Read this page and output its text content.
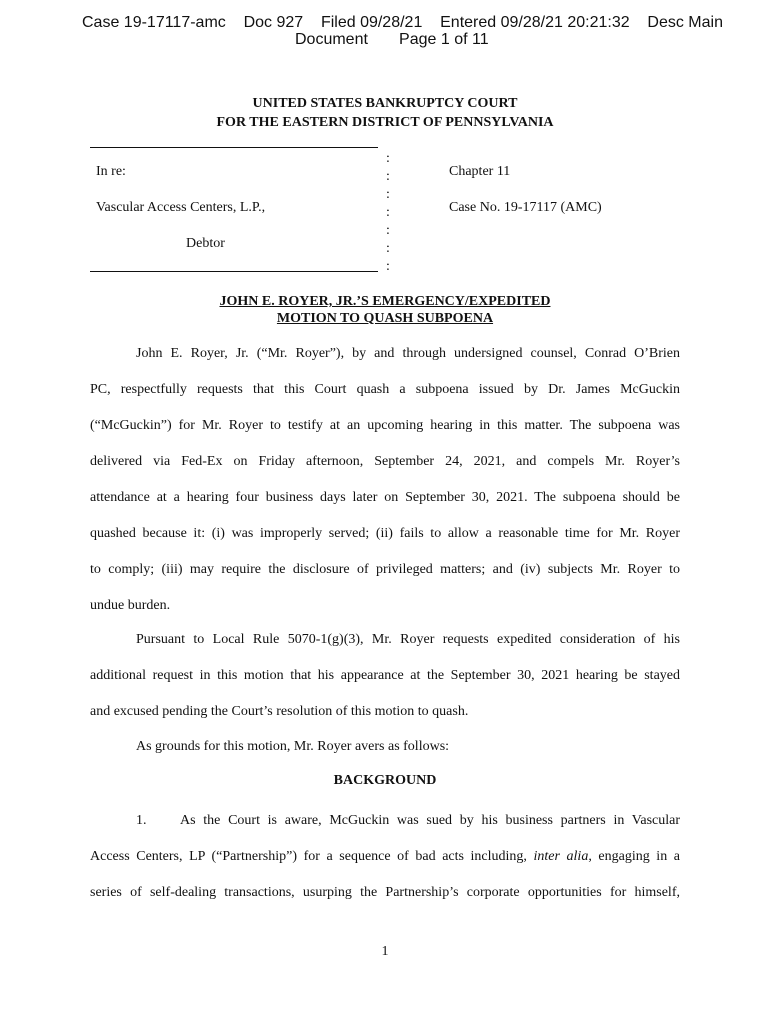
Case 19-17117-amc    Doc 927    Filed 09/28/21    Entered 09/28/21 20:21:32    Desc Main
Document       Page 1 of 11
UNITED STATES BANKRUPTCY COURT
FOR THE EASTERN DISTRICT OF PENNSYLVANIA
:
:
:
:
:
:
:
In re:
Vascular Access Centers, L.P.,
Debtor
Chapter 11
Case No. 19-17117 (AMC)
JOHN E. ROYER, JR.’S EMERGENCY/EXPEDITED
MOTION TO QUASH SUBPOENA
John E. Royer, Jr. (“Mr. Royer”), by and through undersigned counsel, Conrad O’Brien
PC, respectfully requests that this Court quash a subpoena issued by Dr. James McGuckin
(“McGuckin”) for Mr. Royer to testify at an upcoming hearing in this matter. The subpoena was
delivered via Fed-Ex on Friday afternoon, September 24, 2021, and compels Mr. Royer’s
attendance at a hearing four business days later on September 30, 2021. The subpoena should be
quashed because it: (i) was improperly served; (ii) fails to allow a reasonable time for Mr. Royer
to comply; (iii) may require the disclosure of privileged matters; and (iv) subjects Mr. Royer to
undue burden.
Pursuant to Local Rule 5070-1(g)(3), Mr. Royer requests expedited consideration of his
additional request in this motion that his appearance at the September 30, 2021 hearing be stayed
and excused pending the Court’s resolution of this motion to quash.
As grounds for this motion, Mr. Royer avers as follows:
BACKGROUND
1. As the Court is aware, McGuckin was sued by his business partners in Vascular
Access Centers, LP (“Partnership”) for a sequence of bad acts including, inter alia, engaging in a
series of self-dealing transactions, usurping the Partnership’s corporate opportunities for himself,
1
